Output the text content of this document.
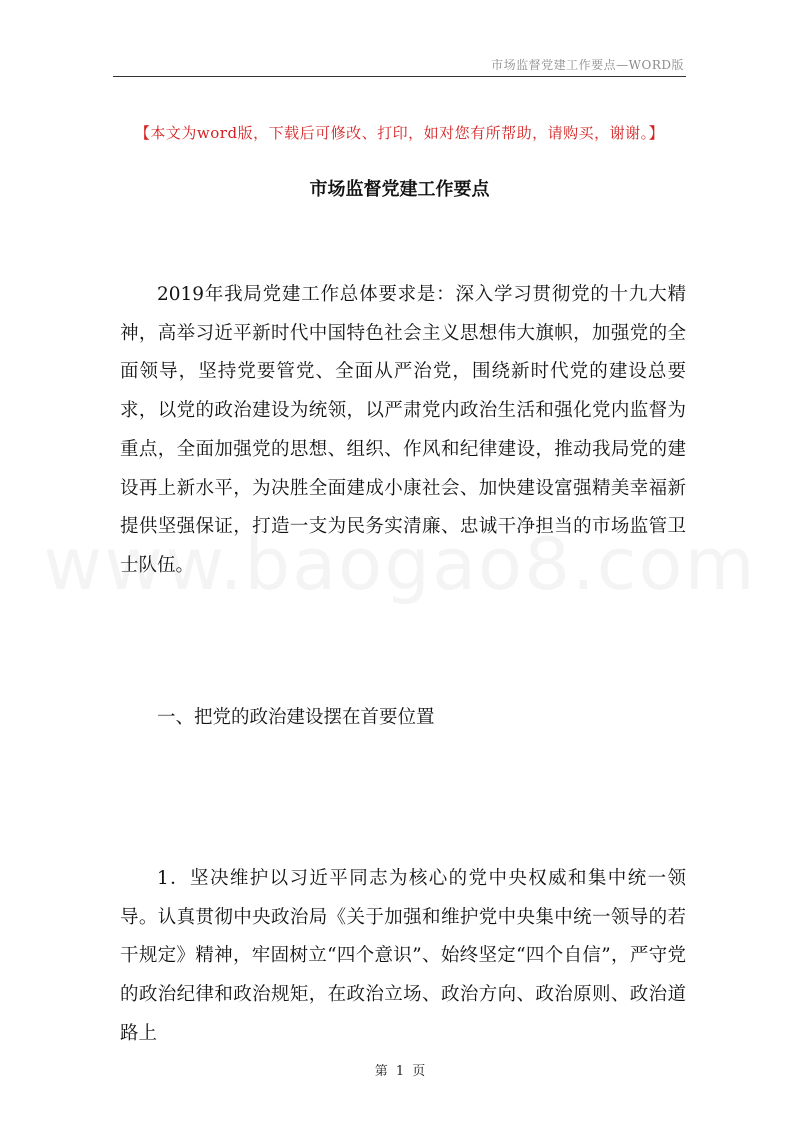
市场监督党建工作要点—WORD版
【本文为word版，下载后可修改、打印，如对您有所帮助，请购买，谢谢。】
市场监督党建工作要点
2019年我局党建工作总体要求是：深入学习贯彻党的十九大精神，高举习近平新时代中国特色社会主义思想伟大旗帜，加强党的全面领导，坚持党要管党、全面从严治党，围绕新时代党的建设总要求，以党的政治建设为统领，以严肃党内政治生活和强化党内监督为重点，全面加强党的思想、组织、作风和纪律建设，推动我局党的建设再上新水平，为决胜全面建成小康社会、加快建设富强精美幸福新提供坚强保证，打造一支为民务实清廉、忠诚干净担当的市场监管卫士队伍。
一、把党的政治建设摆在首要位置
1．坚决维护以习近平同志为核心的党中央权威和集中统一领导。认真贯彻中央政治局《关于加强和维护党中央集中统一领导的若干规定》精神，牢固树立“四个意识”、始终坚定“四个自信”，严守党的政治纪律和政治规矩，在政治立场、政治方向、政治原则、政治道路上
第 1 页
